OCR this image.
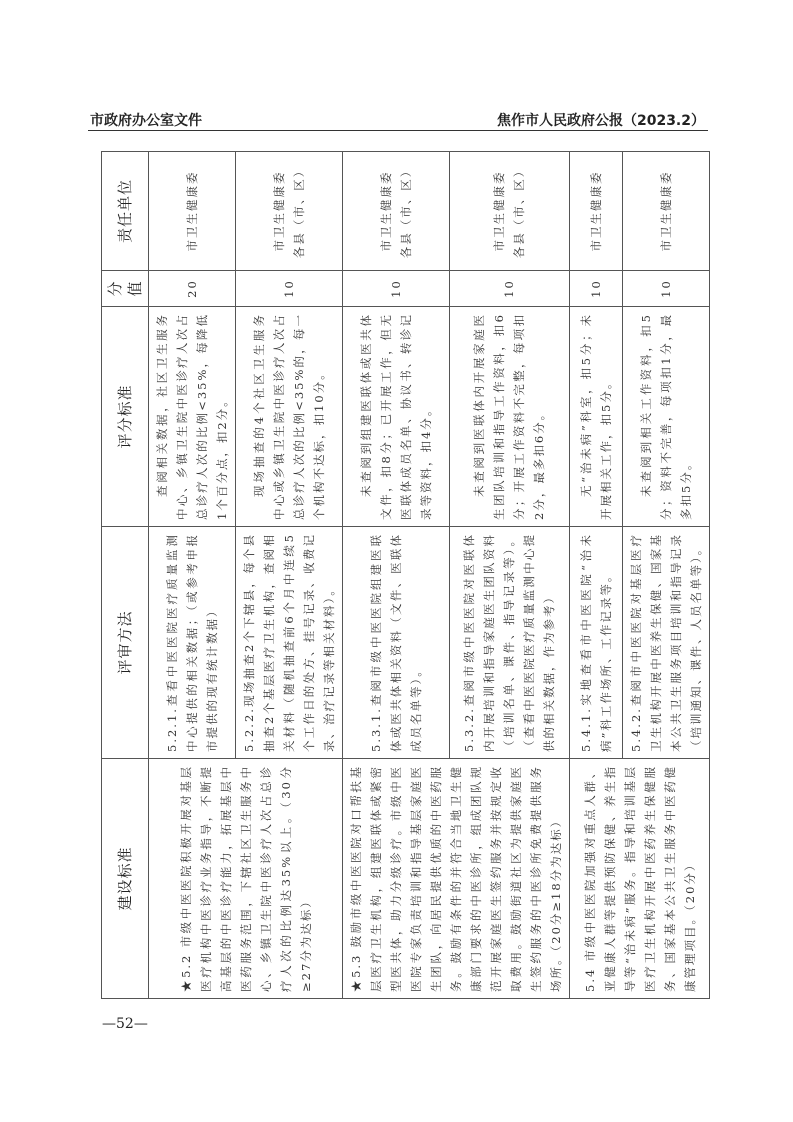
市政府办公室文件	焦作市人民政府公报（2023.2）
建设标准	评审方法	评分标准	分值	责任单位
★5.2 市级中医医院积极开展对基层医疗机构中医诊疗业务指导，不断提高基层的中医诊疗能力，拓展基层中医药服务范围，下辖社区卫生服务中心、乡镇卫生院中医诊疗人次占总诊疗人次的比例达35%以上。（30分≥27分为达标）	5.2.1.查看中医医院医疗质量监测中心提供的相关数据；（或参考申报市提供的现有统计数据）	查阅相关数据，社区卫生服务中心、乡镇卫生院中医诊疗人次占总诊疗人次的比例<35%，每降低1个百分点，扣2分。	20	市卫生健康委

	5.2.2.现场抽查2个下辖县，每个县抽查2个基层医疗卫生机构，查阅相关材料（随机抽查前6个月中连续5个工作日的处方、挂号记录、收费记录、治疗记录等相关材料）。	现场抽查的4个社区卫生服务中心或乡镇卫生院中医诊疗人次占总诊疗人次的比例<35%的，每一个机构不达标，扣10分。	10	市卫生健康委 各县（市、区）

★5.3 鼓励市级中医医院对口帮扶基层医疗卫生机构，组建医联体或紧密型医共体，助力分级诊疗。市级中医医院专家负责培训和指导基层家庭医生团队，向居民提供优质的中医药服务。鼓励有条件的并符合当地卫生健康部门要求的中医诊所，组成团队规范开展家庭医生签约服务并按规定收取费用。鼓励街道社区为提供家庭医生签约服务的中医诊所免费提供服务场所。（20分≥18分为达标）	5.3.1.查阅市级中医医院组建医联体或医共体相关资料（文件、医联体成员名单等）。	未查阅到组建医联体或医共体文件，扣8分；已开展工作，但无医联体成员名单、协议书、转诊记录等资料，扣4分。	10	市卫生健康委 各县（市、区）

	5.3.2.查阅市级中医医院对医联体内开展培训和指导家庭医生团队资料（培训名单、课件、指导记录等）。（查看中医医院医疗质量监测中心提供的相关数据，作为参考）	未查阅到医联体内开展家庭医生团队培训和指导工作资料，扣6分；开展工作资料不完整，每项扣2分，最多扣6分。	10	市卫生健康委 各县（市、区）

5.4 市级中医医院加强对重点人群、亚健康人群等提供预防保健、养生指导等“治未病”服务。指导和培训基层医疗卫生机构开展中医药养生保健服务、国家基本公共卫生服务中医药健康管理项目。（20分）	5.4.1.实地查看市中医医院“治未病”科工作场所、工作记录等。	无“治未病”科室，扣5分；未开展相关工作，扣5分。	10	市卫生健康委

	5.4.2.查阅市中医医院对基层医疗卫生机构开展中医养生保健、国家基本公共卫生服务项目培训和指导记录（培训通知、课件、人员名单等）。	未查阅到相关工作资料，扣5分；资料不完善，每项扣1分，最多扣5分。	10	市卫生健康委
—52—
